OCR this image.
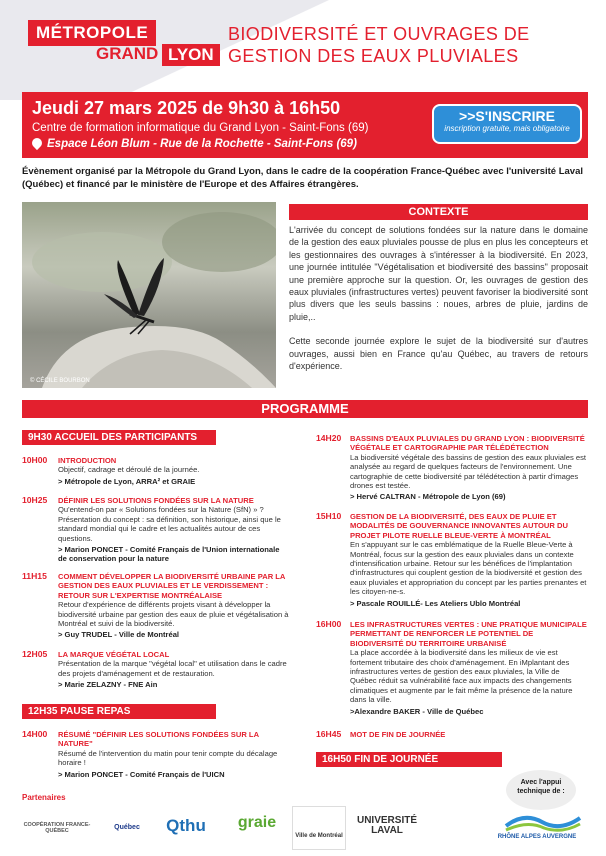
MÉTROPOLE
GRAND LYON
BIODIVERSITÉ ET OUVRAGES DE GESTION DES EAUX PLUVIALES
Jeudi 27 mars 2025 de 9h30 à 16h50
Centre de formation informatique du Grand Lyon - Saint-Fons (69)
Espace Léon Blum - Rue de la Rochette - Saint-Fons (69)
>>S'INSCRIRE
inscription gratuite, mais obligatoire
Évènement organisé par la Métropole du Grand Lyon, dans le cadre de la coopération France-Québec avec l'université Laval (Québec) et financé par le ministère de l'Europe et des Affaires étrangères.
© CÉCILE BOURBON
CONTEXTE

L'arrivée du concept de solutions fondées sur la nature dans le domaine de la gestion des eaux pluviales pousse de plus en plus les concepteurs et les gestionnaires des ouvrages à s'intéresser à la biodiversité. En 2023, une journée intitulée "Végétalisation et biodiversité des bassins" proposait une première approche sur la question. Or, les ouvrages de gestion des eaux pluviales (infrastructures vertes) peuvent favoriser la biodiversité sont plus divers que les seuls bassins : noues, arbres de pluie, jardins de pluie,..

Cette seconde journée explore le sujet de la biodiversité sur d'autres ouvrages, aussi bien en France qu'au Québec, au travers de retours d'expérience.

PROGRAMME
9H30 ACCUEIL DES PARTICIPANTS
10H00 INTRODUCTION
Objectif, cadrage et déroulé de la journée.
> Métropole de Lyon, ARRA² et GRAIE
10H25 DÉFINIR LES SOLUTIONS FONDÉES SUR LA NATURE
Qu'entend-on par « Solutions fondées sur la Nature (SfN) » ? Présentation du concept : sa définition, son historique, ainsi que le standard mondial qui le cadre et les actualités autour de ces questions.
> Marion PONCET - Comité Français de l'Union internationale de conservation pour la nature
11H15 COMMENT DÉVELOPPER LA BIODIVERSITÉ URBAINE PAR LA GESTION DES EAUX PLUVIALES ET LE VERDISSEMENT : RETOUR SUR L'EXPERTISE MONTRÉALAISE
Retour d'expérience de différents projets visant à développer la biodiversité urbaine par gestion des eaux de pluie et végétalisation à Montréal et suivi de la biodiversité.
> Guy TRUDEL - Ville de Montréal
12H05 LA MARQUE VÉGÉTAL LOCAL
Présentation de la marque "végétal local" et utilisation dans le cadre des projets d'aménagement et de restauration.
> Marie ZELAZNY - FNE Ain
12H35 PAUSE REPAS
14H00 RÉSUMÉ "DÉFINIR LES SOLUTIONS FONDÉES SUR LA NATURE"
Résumé de l'intervention du matin pour tenir compte du décalage horaire !
> Marion PONCET - Comité Français de l'UICN
14H20 BASSINS D'EAUX PLUVIALES DU GRAND LYON : BIODIVERSITÉ VÉGÉTALE ET CARTOGRAPHIE PAR TÉLÉDÉTECTION
La biodiversité végétale des bassins de gestion des eaux pluviales est analysée au regard de quelques facteurs de l'environnement. Une cartographie de cette biodiversité par télédétection à partir d'images drones est testée.
> Hervé CALTRAN - Métropole de Lyon (69)
15H10 GESTION DE LA BIODIVERSITÉ, DES EAUX DE PLUIE ET MODALITÉS DE GOUVERNANCE INNOVANTES AUTOUR DU PROJET PILOTE RUELLE BLEUE-VERTE À MONTRÉAL
En s'appuyant sur le cas emblématique de la Ruelle Bleue-Verte à Montréal, focus sur la gestion des eaux pluviales dans un contexte d'intensification urbaine. Retour sur les bénéfices de l'implantation d'infrastructures qui couplent gestion de la biodiversité et gestion des eaux pluviales et appropriation du concept par les parties prenantes et les citoyen-ne-s.
> Pascale ROUILLÉ- Les Ateliers Ublo Montréal
16H00 LES INFRASTRUCTURES VERTES : UNE PRATIQUE MUNICIPALE PERMETTANT DE RENFORCER LE POTENTIEL DE BIODIVERSITÉ DU TERRITOIRE URBANISÉ
La place accordée à la biodiversité dans les milieux de vie est fortement tributaire des choix d'aménagement. En iMplantant des infrastructures vertes de gestion des eaux pluviales, la Ville de Québec réduit sa vulnérabilité face aux impacts des changements climatiques et augmente par le fait même la présence de la nature dans la ville.
>Alexandre BAKER - Ville de Québec
16H45 MOT DE FIN DE JOURNÉE
16H50 FIN DE JOURNÉE
Avec l'appui technique de :
Partenaires
COOPÉRATION FRANCE-QUÉBEC	Québec	Qthu	graie
Ville de Montréal
UNIVERSITÉ LAVAL
RHÔNE ALPES AUVERGNE
